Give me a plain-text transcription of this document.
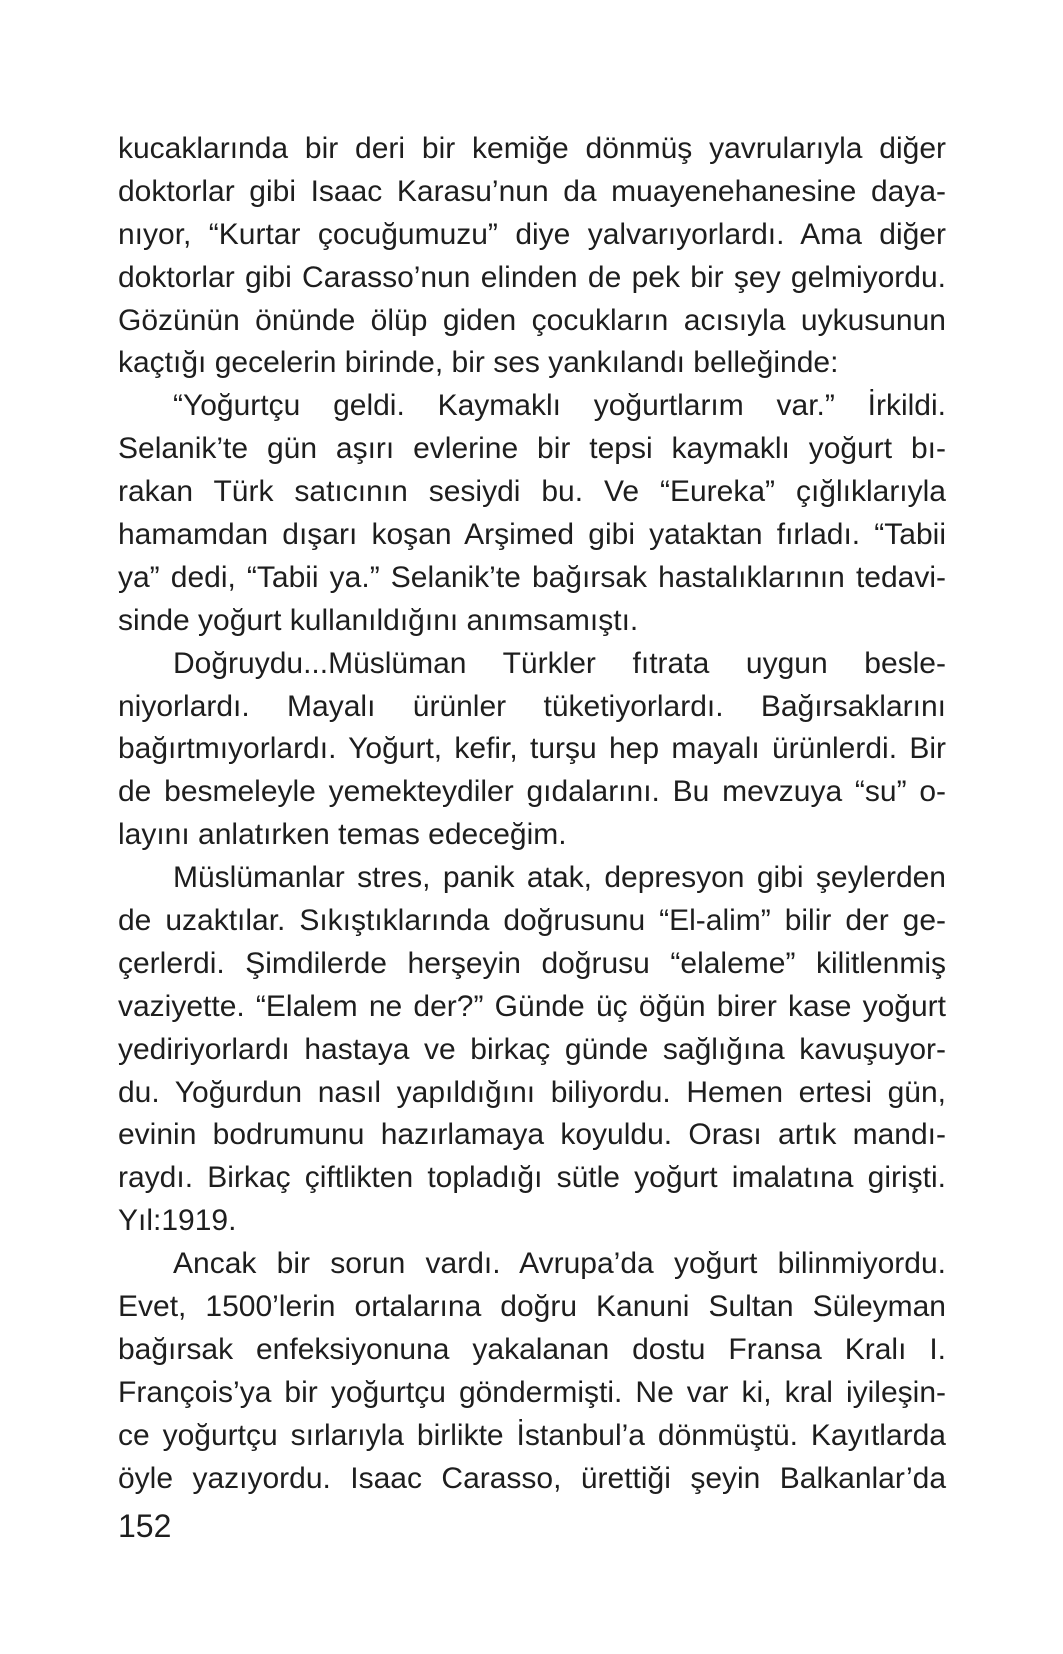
kucaklarında bir deri bir kemiğe dönmüş yavrularıyla diğer
doktorlar gibi Isaac Karasu’nun da muayenehanesine daya-
nıyor, “Kurtar çocuğumuzu” diye yalvarıyorlardı. Ama diğer
doktorlar gibi Carasso’nun elinden de pek bir şey gelmiyordu.
Gözünün önünde ölüp giden çocukların acısıyla uykusunun
kaçtığı gecelerin birinde, bir ses yankılandı belleğinde:
“Yoğurtçu geldi. Kaymaklı yoğurtlarım var.” İrkildi.
Selanik’te gün aşırı evlerine bir tepsi kaymaklı yoğurt bı-
rakan Türk satıcının sesiydi bu. Ve “Eureka” çığlıklarıyla
hamamdan dışarı koşan Arşimed gibi yataktan fırladı. “Tabii
ya” dedi, “Tabii ya.” Selanik’te bağırsak hastalıklarının tedavi-
sinde yoğurt kullanıldığını anımsamıştı.
Doğruydu...Müslüman Türkler fıtrata uygun besle-
niyorlardı. Mayalı ürünler tüketiyorlardı. Bağırsaklarını
bağırtmıyorlardı. Yoğurt, kefir, turşu hep mayalı ürünlerdi. Bir
de besmeleyle yemekteydiler gıdalarını. Bu mevzuya “su” o-
layını anlatırken temas edeceğim.
Müslümanlar stres, panik atak, depresyon gibi şeylerden
de uzaktılar. Sıkıştıklarında doğrusunu “El-alim” bilir der ge-
çerlerdi. Şimdilerde herşeyin doğrusu “elaleme” kilitlenmiş
vaziyette. “Elalem ne der?” Günde üç öğün birer kase yoğurt
yediriyorlardı hastaya ve birkaç günde sağlığına kavuşuyor-
du. Yoğurdun nasıl yapıldığını biliyordu. Hemen ertesi gün,
evinin bodrumunu hazırlamaya koyuldu. Orası artık mandı-
raydı. Birkaç çiftlikten topladığı sütle yoğurt imalatına girişti.
Yıl:1919.
Ancak bir sorun vardı. Avrupa’da yoğurt bilinmiyordu.
Evet, 1500’lerin ortalarına doğru Kanuni Sultan Süleyman
bağırsak enfeksiyonuna yakalanan dostu Fransa Kralı I.
François’ya bir yoğurtçu göndermişti. Ne var ki, kral iyileşin-
ce yoğurtçu sırlarıyla birlikte İstanbul’a dönmüştü. Kayıtlarda
öyle yazıyordu. Isaac Carasso, ürettiği şeyin Balkanlar’da
152
